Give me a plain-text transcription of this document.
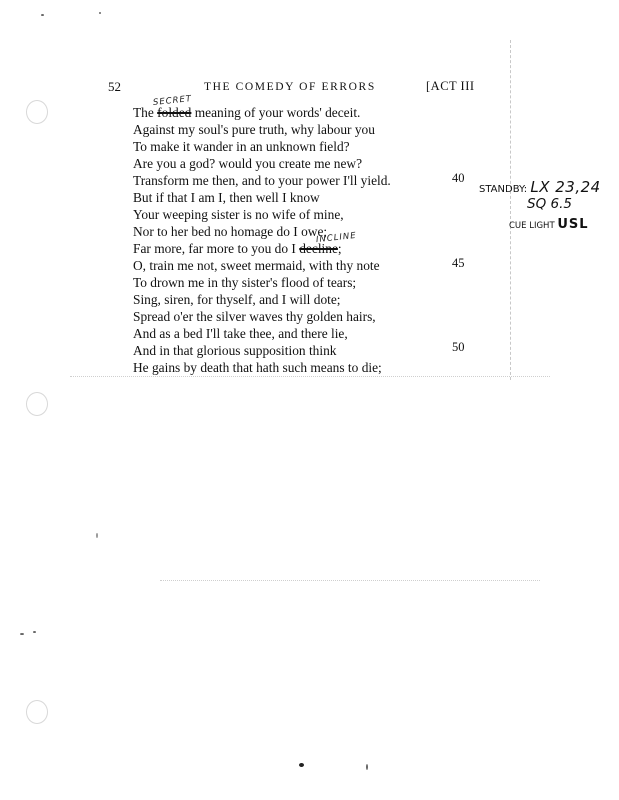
52	THE COMEDY OF ERRORS	[ACT III
The folded meaning of your words' deceit.
SECRET
Against my soul's pure truth, why labour you
To make it wander in an unknown field?
Are you a god? would you create me new?
Transform me then, and to your power I'll yield.
But if that I am I, then well I know
Your weeping sister is no wife of mine,
Nor to her bed no homage do I owe;
Far more, far more to you do I decline;
INCLINE
O, train me not, sweet mermaid, with thy note
To drown me in thy sister's flood of tears;
Sing, siren, for thyself, and I will dote;
Spread o'er the silver waves thy golden hairs,
And as a bed I'll take thee, and there lie,
And in that glorious supposition think
He gains by death that hath such means to die;
40
45
50
STANDBY: LX 23,24
SQ 6.5
CUE LIGHT USL
